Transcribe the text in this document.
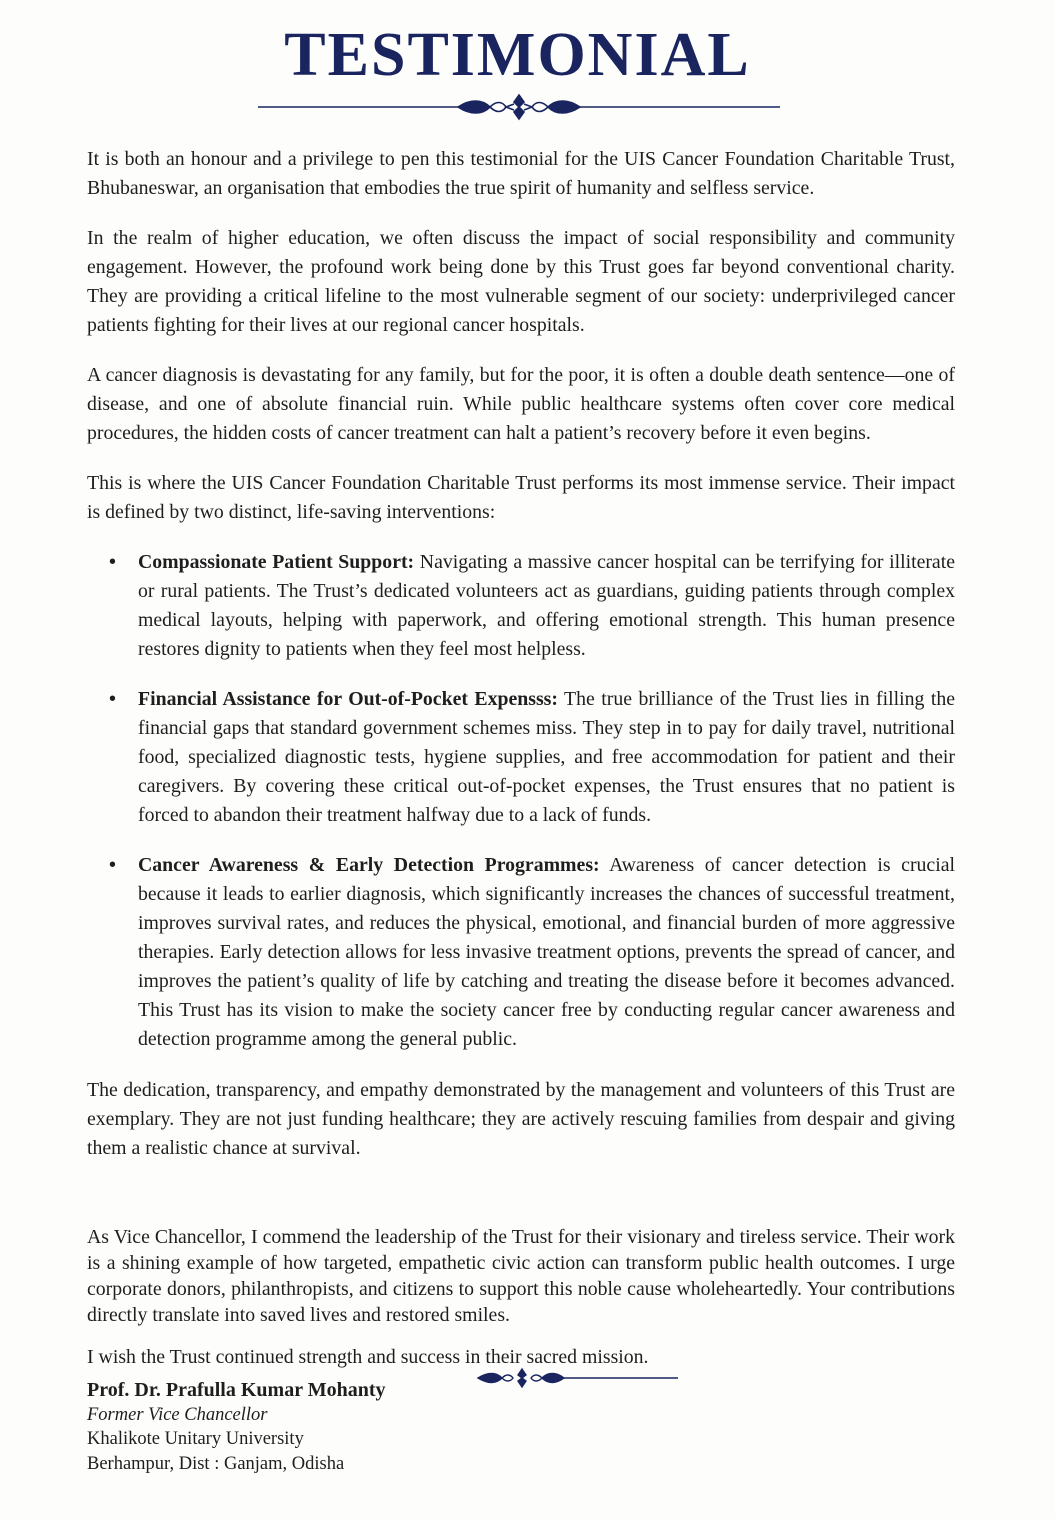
TESTIMONIAL

It is both an honour and a privilege to pen this testimonial for the UIS Cancer Foundation Charitable Trust, Bhubaneswar, an organisation that embodies the true spirit of humanity and selfless service.

In the realm of higher education, we often discuss the impact of social responsibility and community engagement. However, the profound work being done by this Trust goes far beyond conventional charity. They are providing a critical lifeline to the most vulnerable segment of our society: underprivileged cancer patients fighting for their lives at our regional cancer hospitals.

A cancer diagnosis is devastating for any family, but for the poor, it is often a double death sentence—one of disease, and one of absolute financial ruin. While public healthcare systems often cover core medical procedures, the hidden costs of cancer treatment can halt a patient’s recovery before it even begins.

This is where the UIS Cancer Foundation Charitable Trust performs its most immense service. Their impact is defined by two distinct, life-saving interventions:

• Compassionate Patient Support: Navigating a massive cancer hospital can be terrifying for illiterate or rural patients. The Trust’s dedicated volunteers act as guardians, guiding patients through complex medical layouts, helping with paperwork, and offering emotional strength. This human presence restores dignity to patients when they feel most helpless.
• Financial Assistance for Out-of-Pocket Expensss: The true brilliance of the Trust lies in filling the financial gaps that standard government schemes miss. They step in to pay for daily travel, nutritional food, specialized diagnostic tests, hygiene supplies, and free accommodation for patient and their caregivers. By covering these critical out-of-pocket expenses, the Trust ensures that no patient is forced to abandon their treatment halfway due to a lack of funds.
• Cancer Awareness & Early Detection Programmes: Awareness of cancer detection is crucial because it leads to earlier diagnosis, which significantly increases the chances of successful treatment, improves survival rates, and reduces the physical, emotional, and financial burden of more aggressive therapies. Early detection allows for less invasive treatment options, prevents the spread of cancer, and improves the patient’s quality of life by catching and treating the disease before it becomes advanced. This Trust has its vision to make the society cancer free by conducting regular cancer awareness and detection programme among the general public.

The dedication, transparency, and empathy demonstrated by the management and volunteers of this Trust are exemplary. They are not just funding healthcare; they are actively rescuing families from despair and giving them a realistic chance at survival.

As Vice Chancellor, I commend the leadership of the Trust for their visionary and tireless service. Their work is a shining example of how targeted, empathetic civic action can transform public health outcomes. I urge corporate donors, philanthropists, and citizens to support this noble cause wholeheartedly. Your contributions directly translate into saved lives and restored smiles.

I wish the Trust continued strength and success in their sacred mission.

Prof. Dr. Prafulla Kumar Mohanty
Former Vice Chancellor
Khalikote Unitary University
Berhampur, Dist : Ganjam, Odisha
